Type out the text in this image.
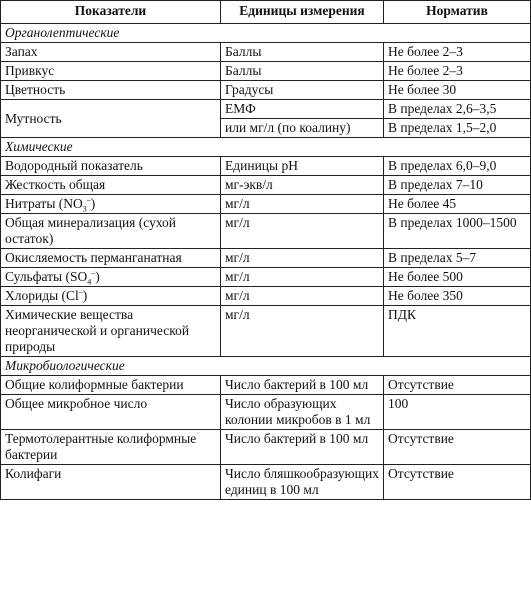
Показатели	Единицы измерения	Норматив
Органолептические		
Запах	Баллы	Не более 2–3
Привкус	Баллы	Не более 2–3
Цветность	Градусы	Не более 30
Мутность	ЕМФ	В пределах 2,6–3,5
	или мг/л (по коалину)	В пределах 1,5–2,0
Химические		
Водородный показатель	Единицы рН	В пределах 6,0–9,0
Жесткость общая	мг-экв/л	В пределах 7–10
Нитраты $(NO_3^-)$	мг/л	Не более 45
Общая минерализация (сухой остаток)	мг/л	В пределах 1000–1500
Окисляемость перманганатная	мг/л	В пределах 5–7
Сульфаты $(SO_4^-)$	мг/л	Не более 500
Хлориды (Cl–)	мг/л	Не более 350
Химические вещества неорганической и органической природы	мг/л	ПДК
Микробиологические		
Общие колиформные бактерии	Число бактерий в 100 мл	Отсутствие
Общее микробное число	Число образующих колонии микробов в 1 мл	100
Термотолерантные колиформные бактерии	Число бактерий в 100 мл	Отсутствие
Колифаги	Число бляшкообразующих единиц в 100 мл	Отсутствие
